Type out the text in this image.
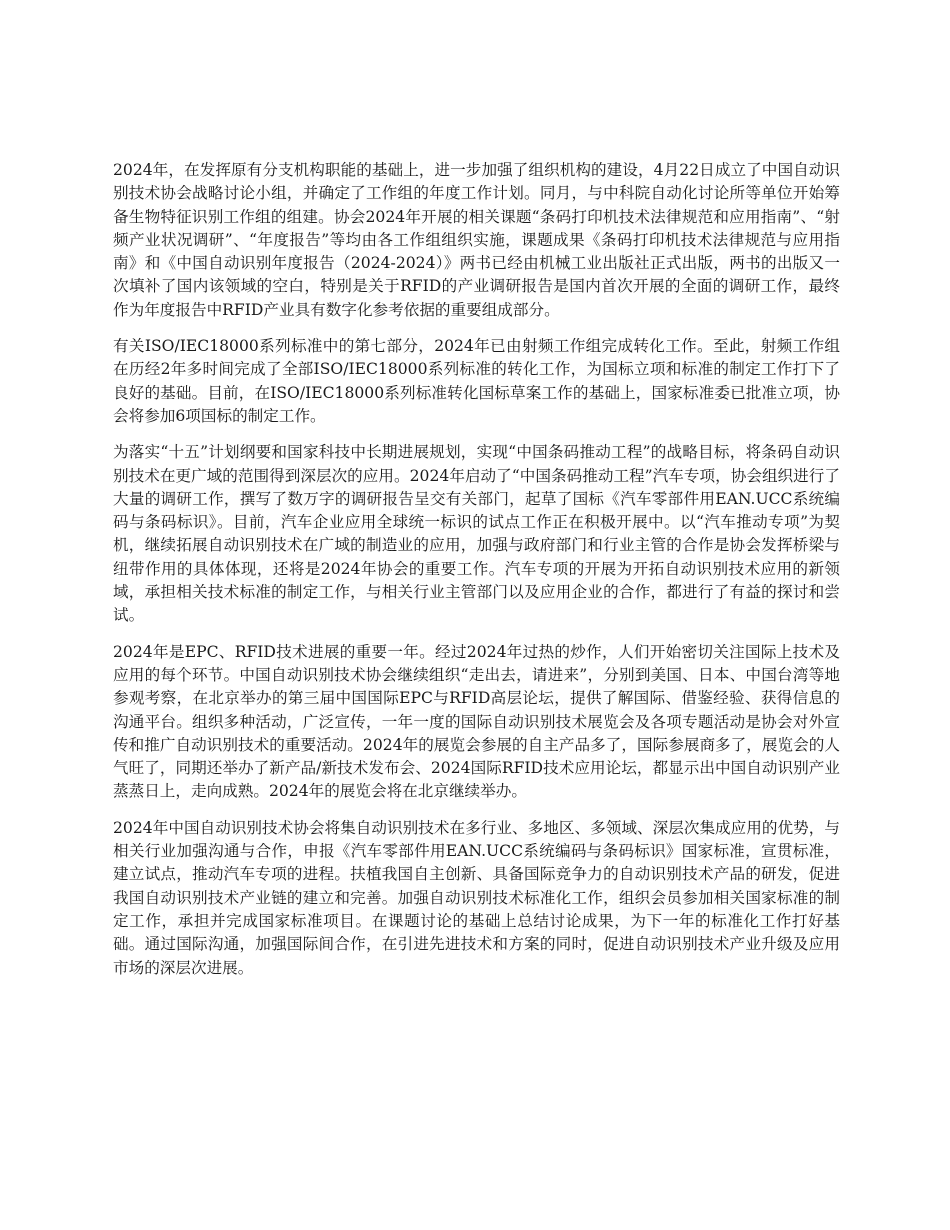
2024年，在发挥原有分支机构职能的基础上，进一步加强了组织机构的建设，4月22日成立了中国自动识别技术协会战略讨论小组，并确定了工作组的年度工作计划。同月，与中科院自动化讨论所等单位开始筹备生物特征识别工作组的组建。协会2024年开展的相关课题“条码打印机技术法律规范和应用指南”、“射频产业状况调研”、“年度报告”等均由各工作组组织实施，课题成果《条码打印机技术法律规范与应用指南》和《中国自动识别年度报告（2024-2024）》两书已经由机械工业出版社正式出版，两书的出版又一次填补了国内该领域的空白，特别是关于RFID的产业调研报告是国内首次开展的全面的调研工作，最终作为年度报告中RFID产业具有数字化参考依据的重要组成部分。

有关ISO/IEC18000系列标准中的第七部分，2024年已由射频工作组完成转化工作。至此，射频工作组在历经2年多时间完成了全部ISO/IEC18000系列标准的转化工作，为国标立项和标准的制定工作打下了良好的基础。目前，在ISO/IEC18000系列标准转化国标草案工作的基础上，国家标准委已批准立项，协会将参加6项国标的制定工作。

为落实“十五”计划纲要和国家科技中长期进展规划，实现“中国条码推动工程”的战略目标，将条码自动识别技术在更广域的范围得到深层次的应用。2024年启动了“中国条码推动工程”汽车专项，协会组织进行了大量的调研工作，撰写了数万字的调研报告呈交有关部门，起草了国标《汽车零部件用EAN.UCC系统编码与条码标识》。目前，汽车企业应用全球统一标识的试点工作正在积极开展中。以“汽车推动专项”为契机，继续拓展自动识别技术在广域的制造业的应用，加强与政府部门和行业主管的合作是协会发挥桥梁与纽带作用的具体体现，还将是2024年协会的重要工作。汽车专项的开展为开拓自动识别技术应用的新领域，承担相关技术标准的制定工作，与相关行业主管部门以及应用企业的合作，都进行了有益的探讨和尝试。

2024年是EPC、RFID技术进展的重要一年。经过2024年过热的炒作，人们开始密切关注国际上技术及应用的每个环节。中国自动识别技术协会继续组织“走出去，请进来”，分别到美国、日本、中国台湾等地参观考察，在北京举办的第三届中国国际EPC与RFID高层论坛，提供了解国际、借鉴经验、获得信息的沟通平台。组织多种活动，广泛宣传，一年一度的国际自动识别技术展览会及各项专题活动是协会对外宣传和推广自动识别技术的重要活动。2024年的展览会参展的自主产品多了，国际参展商多了，展览会的人气旺了，同期还举办了新产品/新技术发布会、2024国际RFID技术应用论坛，都显示出中国自动识别产业蒸蒸日上，走向成熟。2024年的展览会将在北京继续举办。

2024年中国自动识别技术协会将集自动识别技术在多行业、多地区、多领域、深层次集成应用的优势，与相关行业加强沟通与合作，申报《汽车零部件用EAN.UCC系统编码与条码标识》国家标准，宣贯标准，建立试点，推动汽车专项的进程。扶植我国自主创新、具备国际竞争力的自动识别技术产品的研发，促进我国自动识别技术产业链的建立和完善。加强自动识别技术标准化工作，组织会员参加相关国家标准的制定工作，承担并完成国家标准项目。在课题讨论的基础上总结讨论成果，为下一年的标准化工作打好基础。通过国际沟通，加强国际间合作，在引进先进技术和方案的同时，促进自动识别技术产业升级及应用市场的深层次进展。
